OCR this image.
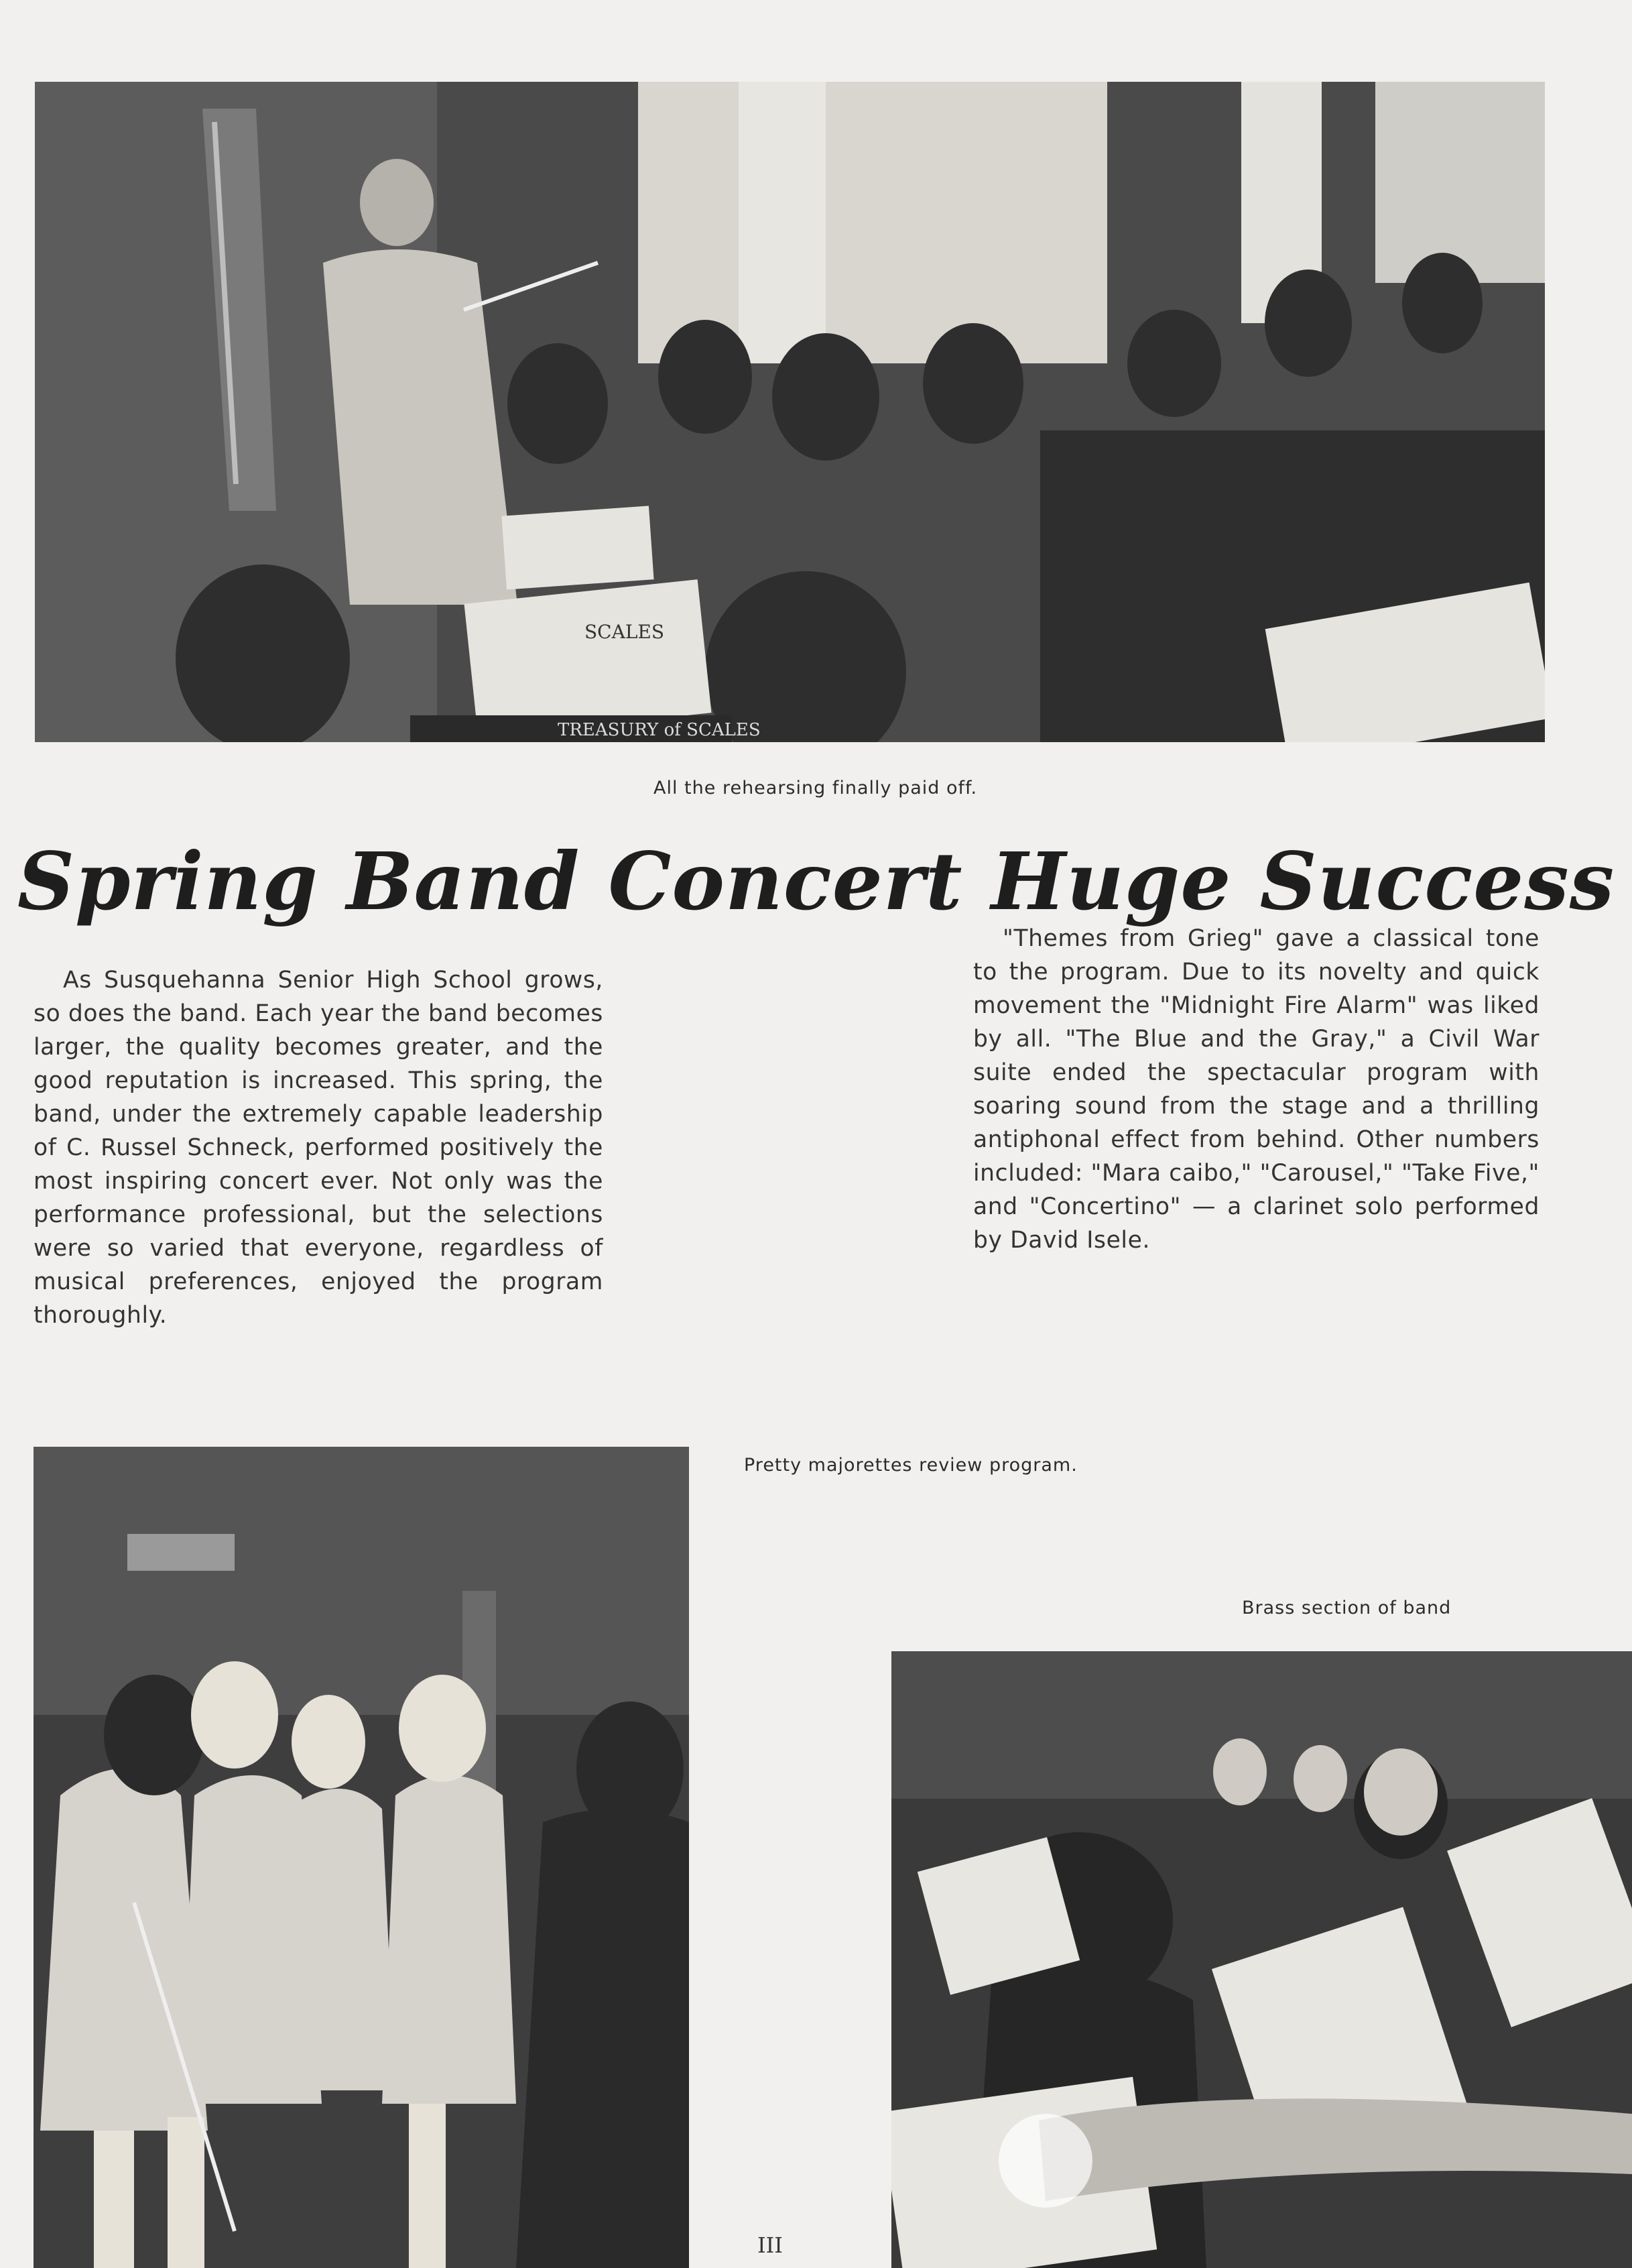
SCALES
TREASURY of SCALES
All the rehearsing finally paid off.
Spring Band Concert Huge Success

As Susquehanna Senior High School grows, so does the band. Each year the band becomes larger, the quality becomes greater, and the good reputation is increased. This spring, the band, under the extremely capable leadership of C. Russel Schneck, performed positively the most inspiring concert ever. Not only was the performance professional, but the selections were so varied that everyone, regardless of musical preferences, enjoyed the program thoroughly.

"Themes from Grieg" gave a classical tone to the program. Due to its novelty and quick movement the "Midnight Fire Alarm" was liked by all. "The Blue and the Gray," a Civil War suite ended the spectacular program with soaring sound from the stage and a thrilling antiphonal effect from behind. Other numbers included: "Mara caibo," "Carousel," "Take Five," and "Concertino" — a clarinet solo performed by David Isele.

Pretty majorettes review program.
Brass section of band
III
